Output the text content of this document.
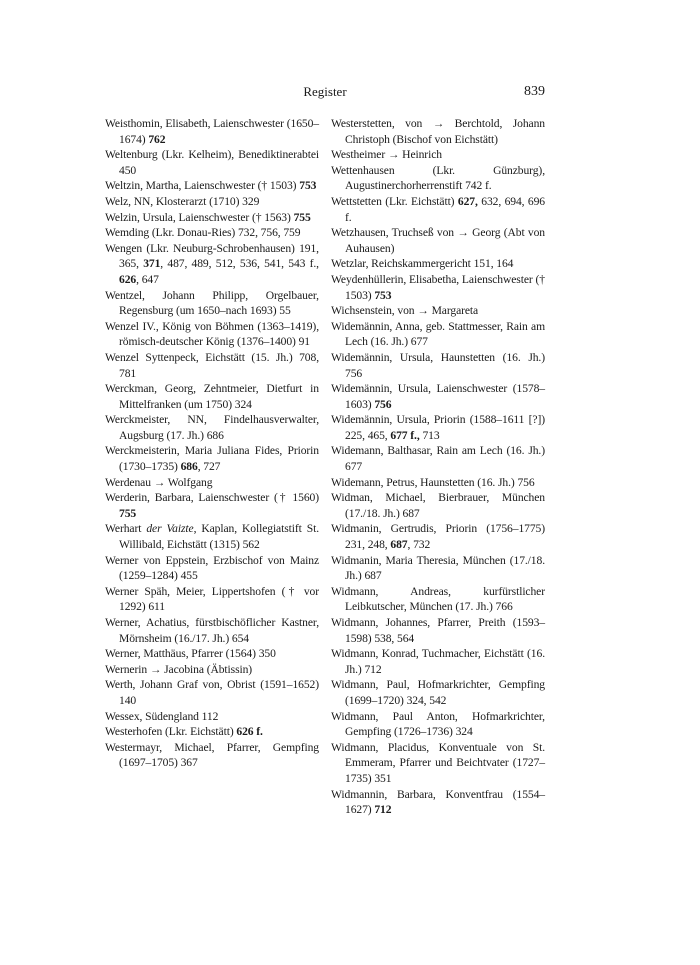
Register	839

Weisthomin, Elisabeth, Laienschwester (1650–1674) 762

Weltenburg (Lkr. Kelheim), Benediktinerabtei 450

Weltzin, Martha, Laienschwester († 1503) 753

Welz, NN, Klosterarzt (1710) 329

Welzin, Ursula, Laienschwester († 1563) 755

Wemding (Lkr. Donau-Ries) 732, 756, 759

Wengen (Lkr. Neuburg-Schrobenhausen) 191, 365, 371, 487, 489, 512, 536, 541, 543 f., 626, 647

Wentzel, Johann Philipp, Orgelbauer, Regensburg (um 1650–nach 1693) 55

Wenzel IV., König von Böhmen (1363–1419), römisch-deutscher König (1376–1400) 91

Wenzel Syttenpeck, Eichstätt (15. Jh.) 708, 781

Werckman, Georg, Zehntmeier, Dietfurt in Mittelfranken (um 1750) 324

Werckmeister, NN, Findelhausverwalter, Augsburg (17. Jh.) 686

Werckmeisterin, Maria Juliana Fides, Priorin (1730–1735) 686, 727

Werdenau → Wolfgang

Werderin, Barbara, Laienschwester († 1560) 755

Werhart der Vaizte, Kaplan, Kollegiatstift St. Willibald, Eichstätt (1315) 562

Werner von Eppstein, Erzbischof von Mainz (1259–1284) 455

Werner Späh, Meier, Lippertshofen († vor 1292) 611

Werner, Achatius, fürstbischöflicher Kastner, Mörnsheim (16./17. Jh.) 654

Werner, Matthäus, Pfarrer (1564) 350

Wernerin → Jacobina (Äbtissin)

Werth, Johann Graf von, Obrist (1591–1652) 140

Wessex, Südengland 112

Westerhofen (Lkr. Eichstätt) 626 f.

Westermayr, Michael, Pfarrer, Gempfing (1697–1705) 367

Westerstetten, von → Berchtold, Johann Christoph (Bischof von Eichstätt)

Westheimer → Heinrich

Wettenhausen (Lkr. Günzburg), Augustinerchorherrenstift 742 f.

Wettstetten (Lkr. Eichstätt) 627, 632, 694, 696 f.

Wetzhausen, Truchseß von → Georg (Abt von Auhausen)

Wetzlar, Reichskammergericht 151, 164

Weydenhüllerin, Elisabetha, Laienschwester († 1503) 753

Wichsenstein, von → Margareta

Widemännin, Anna, geb. Stattmesser, Rain am Lech (16. Jh.) 677

Widemännin, Ursula, Haunstetten (16. Jh.) 756

Widemännin, Ursula, Laienschwester (1578–1603) 756

Widemännin, Ursula, Priorin (1588–1611 [?]) 225, 465, 677 f., 713

Widemann, Balthasar, Rain am Lech (16. Jh.) 677

Widemann, Petrus, Haunstetten (16. Jh.) 756

Widman, Michael, Bierbrauer, München (17./18. Jh.) 687

Widmanin, Gertrudis, Priorin (1756–1775) 231, 248, 687, 732

Widmanin, Maria Theresia, München (17./18. Jh.) 687

Widmann, Andreas, kurfürstlicher Leibkutscher, München (17. Jh.) 766

Widmann, Johannes, Pfarrer, Preith (1593–1598) 538, 564

Widmann, Konrad, Tuchmacher, Eichstätt (16. Jh.) 712

Widmann, Paul, Hofmarkrichter, Gempfing (1699–1720) 324, 542

Widmann, Paul Anton, Hofmarkrichter, Gempfing (1726–1736) 324

Widmann, Placidus, Konventuale von St. Emmeram, Pfarrer und Beichtvater (1727–1735) 351

Widmannin, Barbara, Konventfrau (1554–1627) 712
